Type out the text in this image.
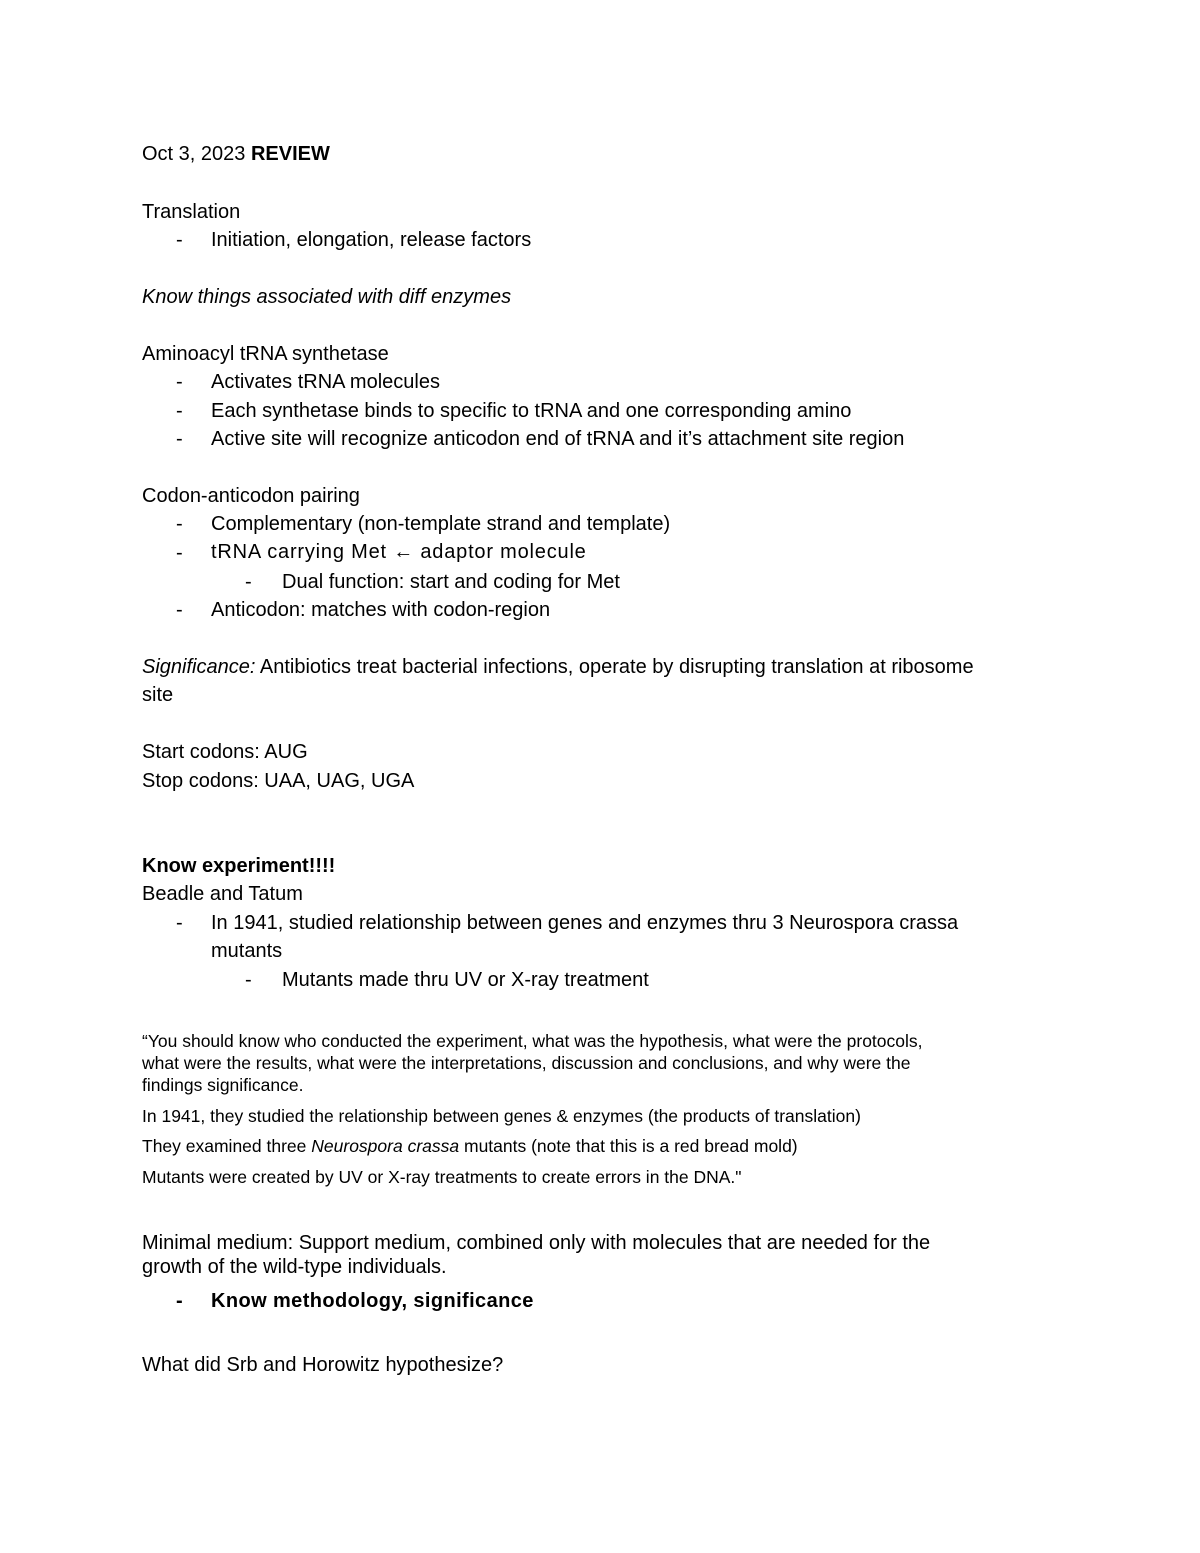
Oct 3, 2023 REVIEW
Translation
- Initiation, elongation, release factors
Know things associated with diff enzymes
Aminoacyl tRNA synthetase
- Activates tRNA molecules
- Each synthetase binds to specific to tRNA and one corresponding amino
- Active site will recognize anticodon end of tRNA and it’s attachment site region
Codon-anticodon pairing
- Complementary (non-template strand and template)
- tRNA carrying Met ← adaptor molecule
- Dual function: start and coding for Met
- Anticodon: matches with codon-region
Significance: Antibiotics treat bacterial infections, operate by disrupting translation at ribosome
site
Start codons: AUG
Stop codons: UAA, UAG, UGA
Know experiment!!!!
Beadle and Tatum
- In 1941, studied relationship between genes and enzymes thru 3 Neurospora crassa
mutants
- Mutants made thru UV or X-ray treatment
“You should know who conducted the experiment, what was the hypothesis, what were the protocols,
what were the results, what were the interpretations, discussion and conclusions, and why were the
findings significance.
In 1941, they studied the relationship between genes & enzymes (the products of translation)
They examined three Neurospora crassa mutants (note that this is a red bread mold)
Mutants were created by UV or X-ray treatments to create errors in the DNA."
Minimal medium: Support medium, combined only with molecules that are needed for the
growth of the wild-type individuals.
- Know methodology, significance
What did Srb and Horowitz hypothesize?
